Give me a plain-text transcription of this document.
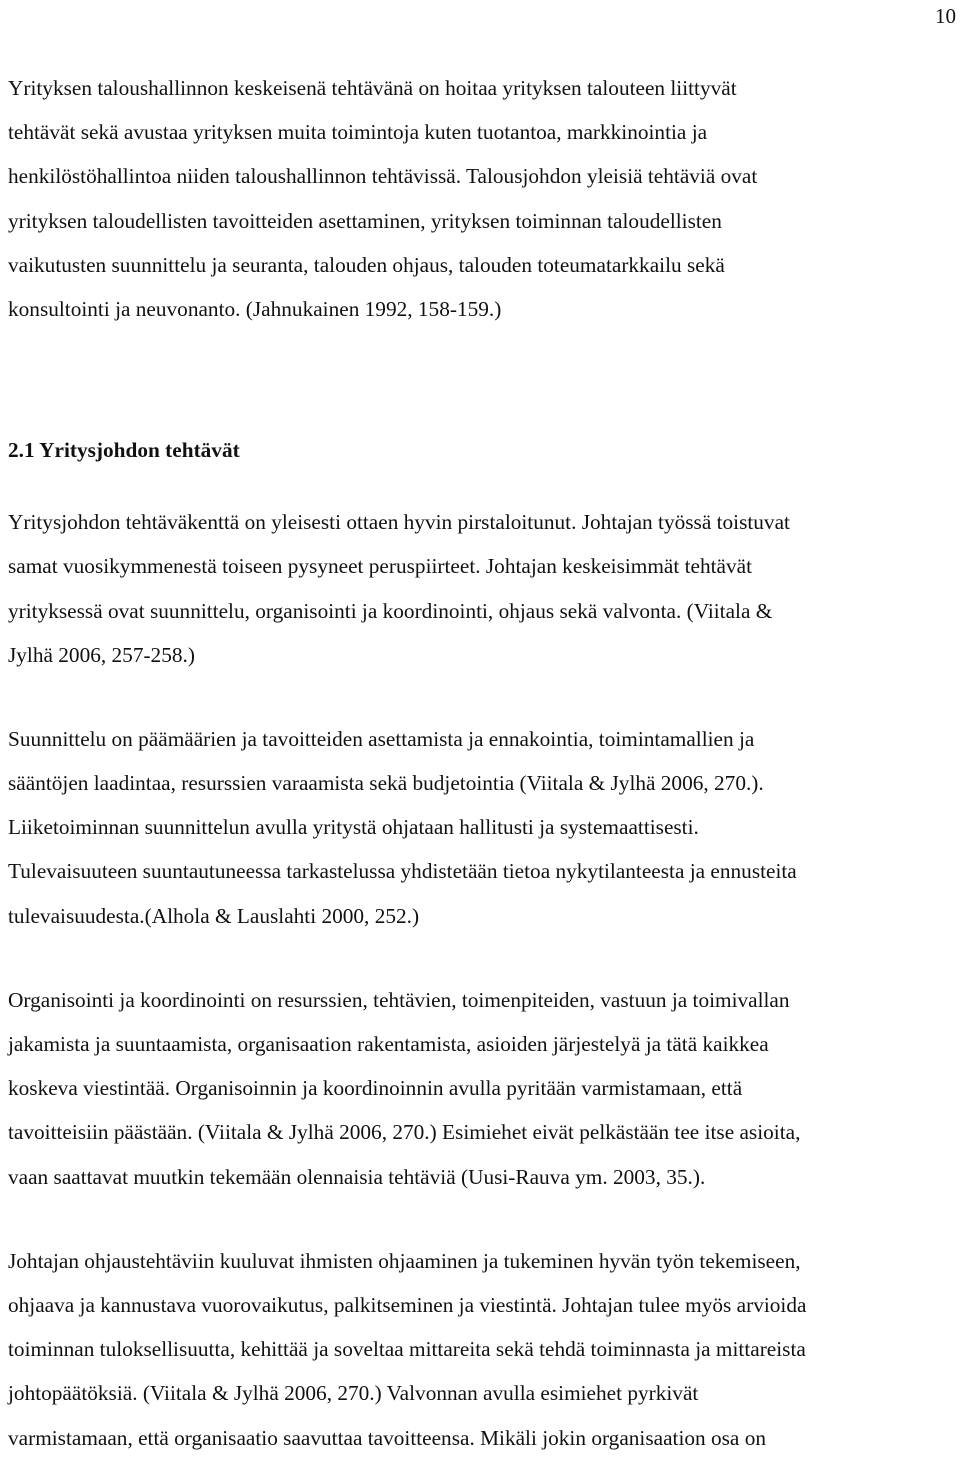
10
Yrityksen taloushallinnon keskeisenä tehtävänä on hoitaa yrityksen talouteen liittyvät
tehtävät sekä avustaa yrityksen muita toimintoja kuten tuotantoa, markkinointia ja
henkilöstöhallintoa niiden taloushallinnon tehtävissä. Talousjohdon yleisiä tehtäviä ovat
yrityksen taloudellisten tavoitteiden asettaminen, yrityksen toiminnan taloudellisten
vaikutusten suunnittelu ja seuranta, talouden ohjaus, talouden toteumatarkkailu sekä
konsultointi ja neuvonanto. (Jahnukainen 1992, 158-159.)
2.1 Yritysjohdon tehtävät
Yritysjohdon tehtäväkenttä on yleisesti ottaen hyvin pirstaloitunut. Johtajan työssä toistuvat
samat vuosikymmenestä toiseen pysyneet peruspiirteet. Johtajan keskeisimmät tehtävät
yrityksessä ovat suunnittelu, organisointi ja koordinointi, ohjaus sekä valvonta. (Viitala &
Jylhä 2006, 257-258.)
Suunnittelu on päämäärien ja tavoitteiden asettamista ja ennakointia, toimintamallien ja
sääntöjen laadintaa, resurssien varaamista sekä budjetointia (Viitala & Jylhä 2006, 270.).
Liiketoiminnan suunnittelun avulla yritystä ohjataan hallitusti ja systemaattisesti.
Tulevaisuuteen suuntautuneessa tarkastelussa yhdistetään tietoa nykytilanteesta ja ennusteita
tulevaisuudesta.(Alhola & Lauslahti 2000, 252.)
Organisointi ja koordinointi on resurssien, tehtävien, toimenpiteiden, vastuun ja toimivallan
jakamista ja suuntaamista, organisaation rakentamista, asioiden järjestelyä ja tätä kaikkea
koskeva viestintää. Organisoinnin ja koordinoinnin avulla pyritään varmistamaan, että
tavoitteisiin päästään. (Viitala & Jylhä 2006, 270.) Esimiehet eivät pelkästään tee itse asioita,
vaan saattavat muutkin tekemään olennaisia tehtäviä (Uusi-Rauva ym. 2003, 35.).
Johtajan ohjaustehtäviin kuuluvat ihmisten ohjaaminen ja tukeminen hyvän työn tekemiseen,
ohjaava ja kannustava vuorovaikutus, palkitseminen ja viestintä. Johtajan tulee myös arvioida
toiminnan tuloksellisuutta, kehittää ja soveltaa mittareita sekä tehdä toiminnasta ja mittareista
johtopäätöksiä. (Viitala & Jylhä 2006, 270.) Valvonnan avulla esimiehet pyrkivät
varmistamaan, että organisaatio saavuttaa tavoitteensa. Mikäli jokin organisaation osa on
